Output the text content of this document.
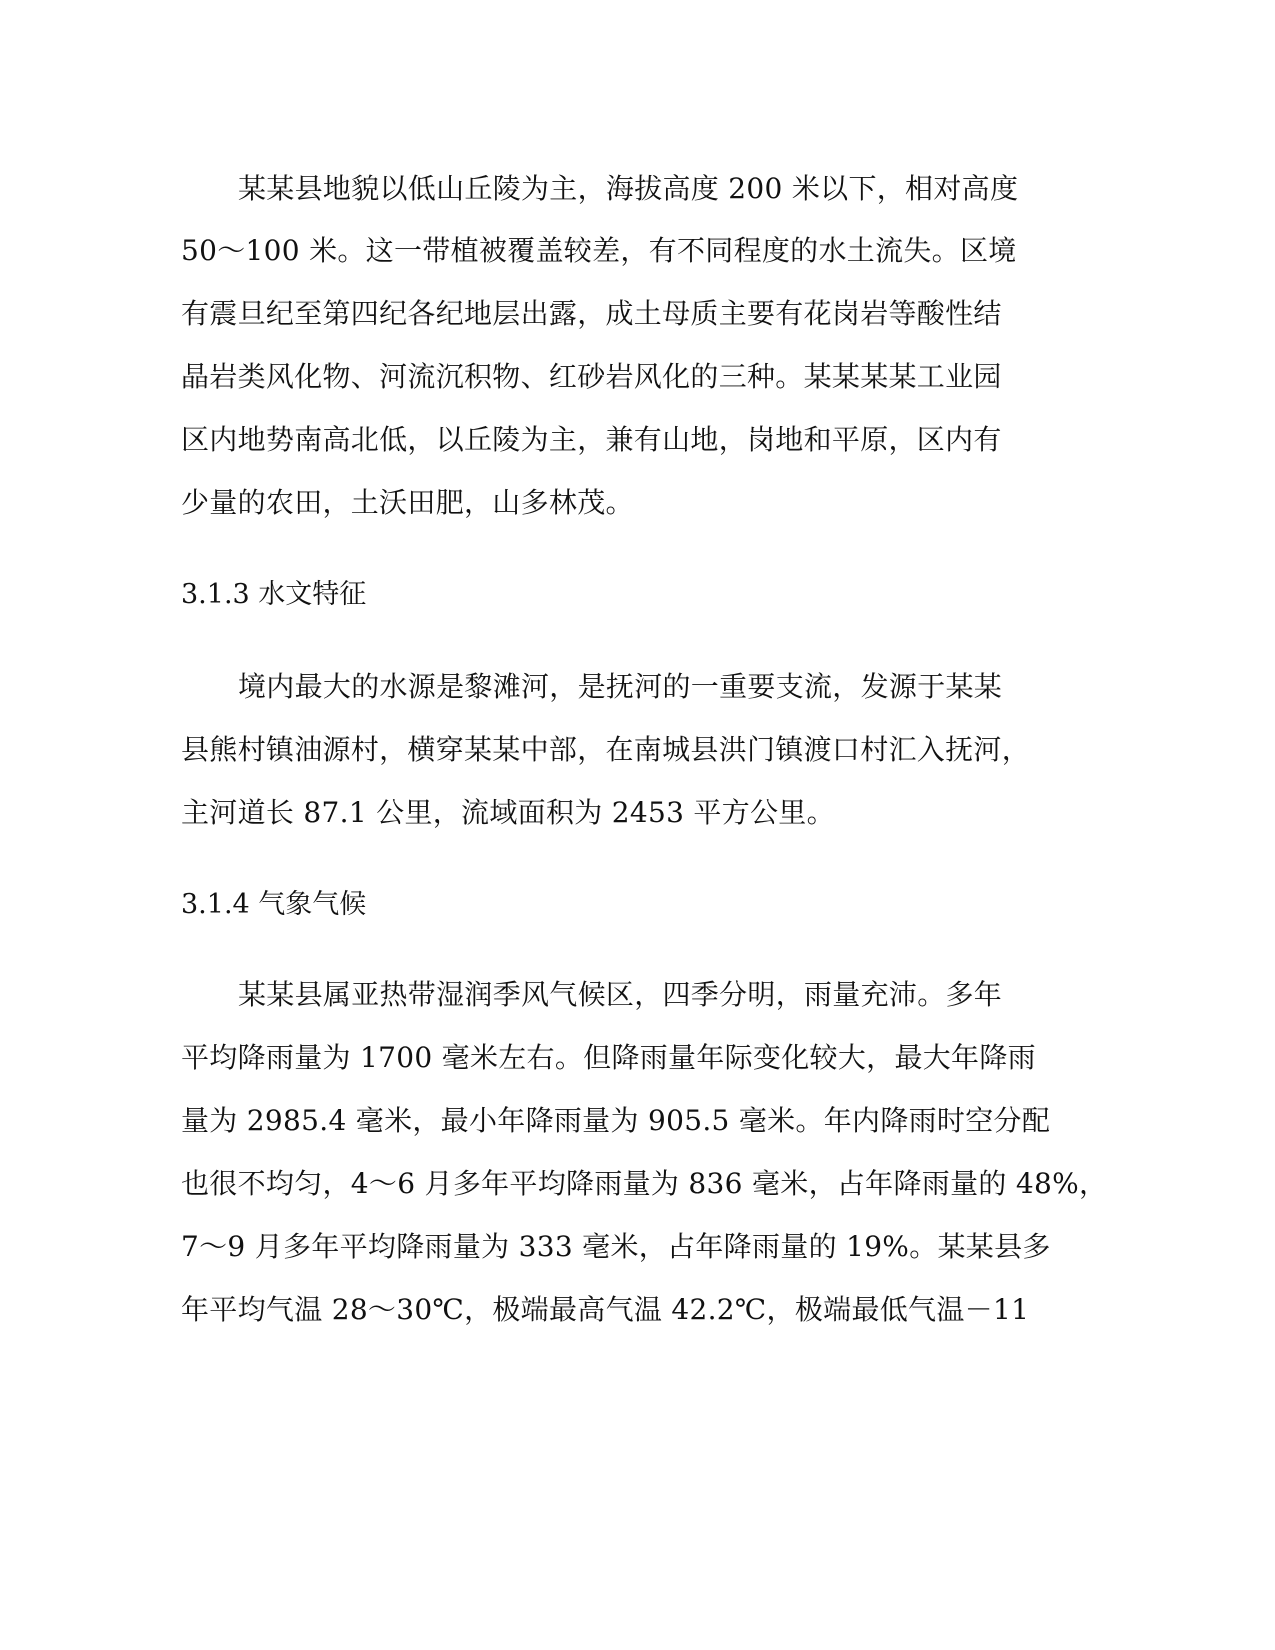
某某县地貌以低山丘陵为主，海拔高度 200 米以下，相对高度
50～100 米。这一带植被覆盖较差，有不同程度的水土流失。区境
有震旦纪至第四纪各纪地层出露，成土母质主要有花岗岩等酸性结
晶岩类风化物、河流沉积物、红砂岩风化的三种。某某某某工业园
区内地势南高北低，以丘陵为主，兼有山地，岗地和平原，区内有
少量的农田，土沃田肥，山多林茂。
3.1.3 水文特征
境内最大的水源是黎滩河，是抚河的一重要支流，发源于某某
县熊村镇油源村，横穿某某中部，在南城县洪门镇渡口村汇入抚河，
主河道长 87.1 公里，流域面积为 2453 平方公里。
3.1.4 气象气候
某某县属亚热带湿润季风气候区，四季分明，雨量充沛。多年
平均降雨量为 1700 毫米左右。但降雨量年际变化较大，最大年降雨
量为 2985.4 毫米，最小年降雨量为 905.5 毫米。年内降雨时空分配
也很不均匀，4～6 月多年平均降雨量为 836 毫米，占年降雨量的 48%，
7～9 月多年平均降雨量为 333 毫米，占年降雨量的 19%。某某县多
年平均气温 28～30℃，极端最高气温 42.2℃，极端最低气温－11
